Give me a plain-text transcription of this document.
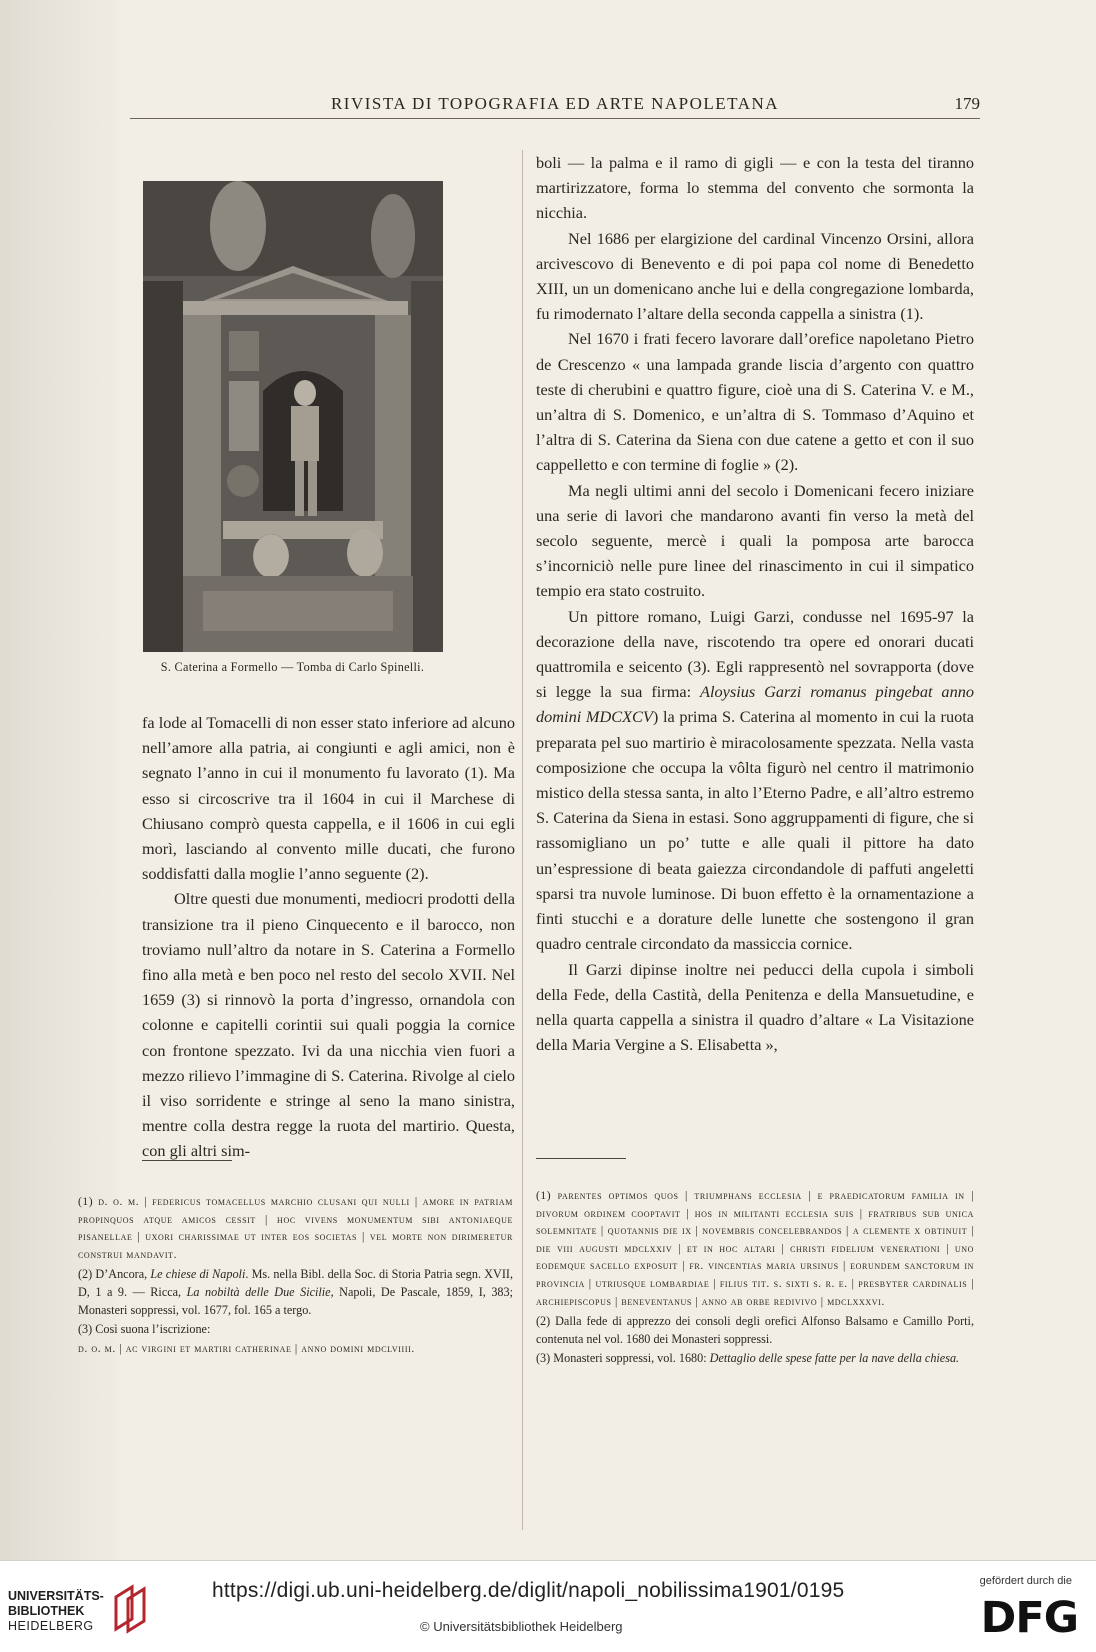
RIVISTA DI TOPOGRAFIA ED ARTE NAPOLETANA	179
S. Caterina a Formello — Tomba di Carlo Spinelli.

fa lode al Tomacelli di non esser stato inferiore ad alcuno nell’amore alla patria, ai congiunti e agli amici, non è segnato l’anno in cui il monumento fu lavorato (1). Ma esso si circoscrive tra il 1604 in cui il Marchese di Chiusano comprò questa cappella, e il 1606 in cui egli morì, lasciando al convento mille ducati, che furono soddisfatti dalla moglie l’anno seguente (2).

Oltre questi due monumenti, mediocri prodotti della transizione tra il pieno Cinquecento e il barocco, non troviamo null’altro da notare in S. Caterina a Formello fino alla metà e ben poco nel resto del secolo XVII. Nel 1659 (3) si rinnovò la porta d’ingresso, ornandola con colonne e capitelli corintii sui quali poggia la cornice con frontone spezzato. Ivi da una nicchia vien fuori a mezzo rilievo l’immagine di S. Caterina. Rivolge al cielo il viso sorridente e stringe al seno la mano sinistra, mentre colla destra regge la ruota del martirio. Questa, con gli altri sim-

boli — la palma e il ramo di gigli — e con la testa del tiranno martirizzatore, forma lo stemma del convento che sormonta la nicchia.

Nel 1686 per elargizione del cardinal Vincenzo Orsini, allora arcivescovo di Benevento e di poi papa col nome di Benedetto XIII, un un domenicano anche lui e della congregazione lombarda, fu rimodernato l’altare della seconda cappella a sinistra (1).

Nel 1670 i frati fecero lavorare dall’orefice napoletano Pietro de Crescenzo « una lampada grande liscia d’argento con quattro teste di cherubini e quattro figure, cioè una di S. Caterina V. e M., un’altra di S. Domenico, e un’altra di S. Tommaso d’Aquino et l’altra di S. Caterina da Siena con due catene a getto et con il suo cappelletto e con termine di foglie » (2).

Ma negli ultimi anni del secolo i Domenicani fecero iniziare una serie di lavori che mandarono avanti fin verso la metà del secolo seguente, mercè i quali la pomposa arte barocca s’incorniciò nelle pure linee del rinascimento in cui il simpatico tempio era stato costruito.

Un pittore romano, Luigi Garzi, condusse nel 1695-97 la decorazione della nave, riscotendo tra opere ed onorari ducati quattromila e seicento (3). Egli rappresentò nel sovrapporta (dove si legge la sua firma: Aloysius Garzi romanus pingebat anno domini MDCXCV) la prima S. Caterina al momento in cui la ruota preparata pel suo martirio è miracolosamente spezzata. Nella vasta composizione che occupa la vôlta figurò nel centro il matrimonio mistico della stessa santa, in alto l’Eterno Padre, e all’altro estremo S. Caterina da Siena in estasi. Sono aggruppamenti di figure, che si rassomigliano un po’ tutte e alle quali il pittore ha dato un’espressione di beata gaiezza circondandole di paffuti angeletti sparsi tra nuvole luminose. Di buon effetto è la ornamentazione a finti stucchi e a dorature delle lunette che sostengono il gran quadro centrale circondato da massiccia cornice.

Il Garzi dipinse inoltre nei peducci della cupola i simboli della Fede, della Castità, della Penitenza e della Mansuetudine, e nella quarta cappella a sinistra il quadro d’altare « La Visitazione della Maria Vergine a S. Elisabetta »,

(1) d. o. m. | federicus tomacellus marchio clusani qui nulli | amore in patriam propinquos atque amicos cessit | hoc vivens monumentum sibi antoniaeque pisanellae | uxori charissimae ut inter eos societas | vel morte non dirimeretur construi mandavit.

(2) D’Ancora, Le chiese di Napoli. Ms. nella Bibl. della Soc. di Storia Patria segn. XVII, D, 1 a 9. — Ricca, La nobiltà delle Due Sicilie, Napoli, De Pascale, 1859, I, 383; Monasteri soppressi, vol. 1677, fol. 165 a tergo.

(3) Così suona l’iscrizione:

d. o. m. | ac virgini et martiri catherinae | anno domini mdclviiii.

(1) parentes optimos quos | triumphans ecclesia | e praedicatorum familia in | divorum ordinem cooptavit | hos in militanti ecclesia suis | fratribus sub unica solemnitate | quotannis die ix | novembris concelebrandos | a clemente x obtinuit | die viii augusti mdclxxiv | et in hoc altari | christi fidelium venerationi | uno eodemque sacello exposuit | fr. vincentias maria ursinus | eorundem sanctorum in provincia | utriusque lombardiae | filius tit. s. sixti s. r. e. | presbyter cardinalis | archiepiscopus | beneventanus | anno ab orbe redivivo | mdclxxxvi.

(2) Dalla fede di apprezzo dei consoli degli orefici Alfonso Balsamo e Camillo Porti, contenuta nel vol. 1680 dei Monasteri soppressi.

(3) Monasteri soppressi, vol. 1680: Dettaglio delle spese fatte per la nave della chiesa.

UNIVERSITÄTS-
BIBLIOTHEK
HEIDELBERG
https://digi.ub.uni-heidelberg.de/diglit/napoli_nobilissima1901/0195
© Universitätsbibliothek Heidelberg
gefördert durch die
DFG
